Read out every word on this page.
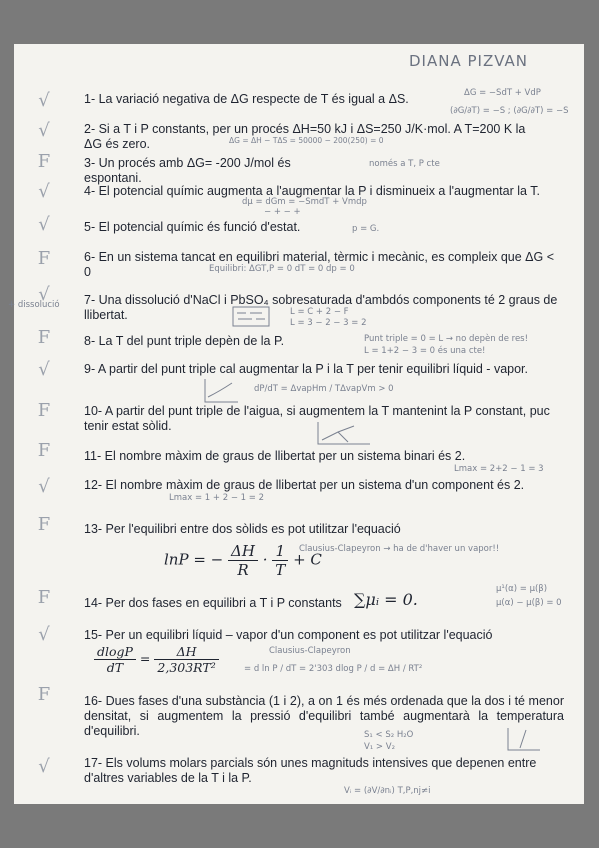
DIANA PIZVAN
√
√
F
√
√
F
√
F
√
F
F
√
F
F
√
F
√
1- La variació negativa de ΔG respecte de T és igual a ΔS.	ΔG = −SdT + VdP
(∂G/∂T) = −S ; (∂G/∂T) = −S
2- Si a T i P constants, per un procés ΔH=50 kJ i ΔS=250 J/K·mol. A T=200 K la ΔG és zero.	ΔG = ΔH − TΔS = 50000 − 200(250) = 0
3- Un procés amb ΔG= -200 J/mol és espontani.
només a T, P cte
4- El potencial químic augmenta a l'augmentar la P i disminueix a l'augmentar la T.
dμ = dGm = −SmdT + Vmdp
− + − +
5- El potencial químic és funció d'estat.	p = G.
6- En un sistema tancat en equilibri material, tèrmic i mecànic, es compleix que ΔG < 0	Equilibri: ΔGT,P = 0 dT = 0 dp = 0
+ dissolució 7- Una dissolució d'NaCl i PbSO₄ sobresaturada d'ambdós components té 2 graus de llibertat.	L = C + 2 − F
L = 3 − 2 − 3 = 2
8- La T del punt triple depèn de la P.	Punt triple = 0 = L → no depèn de res!
L = 1+2 − 3 = 0 és una cte!
9- A partir del punt triple cal augmentar la P i la T per tenir equilibri líquid - vapor.
dP/dT = ΔvapHm / TΔvapVm > 0
10- A partir del punt triple de l'aigua, si augmentem la T mantenint la P constant, puc tenir estat sòlid.
11- El nombre màxim de graus de llibertat per un sistema binari és 2.
Lmax = 2+2 − 1 = 3
12- El nombre màxim de graus de llibertat per un sistema d'un component és 2.
Lmax = 1 + 2 − 1 = 2
13- Per l'equilibri entre dos sòlids es pot utilitzar l'equació
lnP = − $\frac{\Delta H}{R} \cdot \frac{1}{T} + C$
Clausius-Clapeyron → ha de d'haver un vapor!!
14- Per dos fases en equilibri a T i P constants ∑μᵢ = 0.
μ¹(α) = μ(β)
μ(α) − μ(β) = 0
15- Per un equilibri líquid – vapor d'un component es pot utilitzar l'equació
$\frac{dlogP}{dT} = \frac{\Delta H}{\text{2,303RT²}}$	Clausius-Clapeyron
= d ln P / dT = 2'303 dlog P / d = ΔH / RT²
16- Dues fases d'una substància (1 i 2), a on 1 és més ordenada que la dos i té menor densitat, si augmentem la pressió d'equilibri també augmentarà la temperatura d'equilibri.	S₁ < S₂ H₂O
V₁ > V₂
17- Els volums molars parcials són unes magnituds intensives que depenen entre d'altres variables de la T i la P.
Vᵢ = (∂V/∂nᵢ) T,P,nj≠i
